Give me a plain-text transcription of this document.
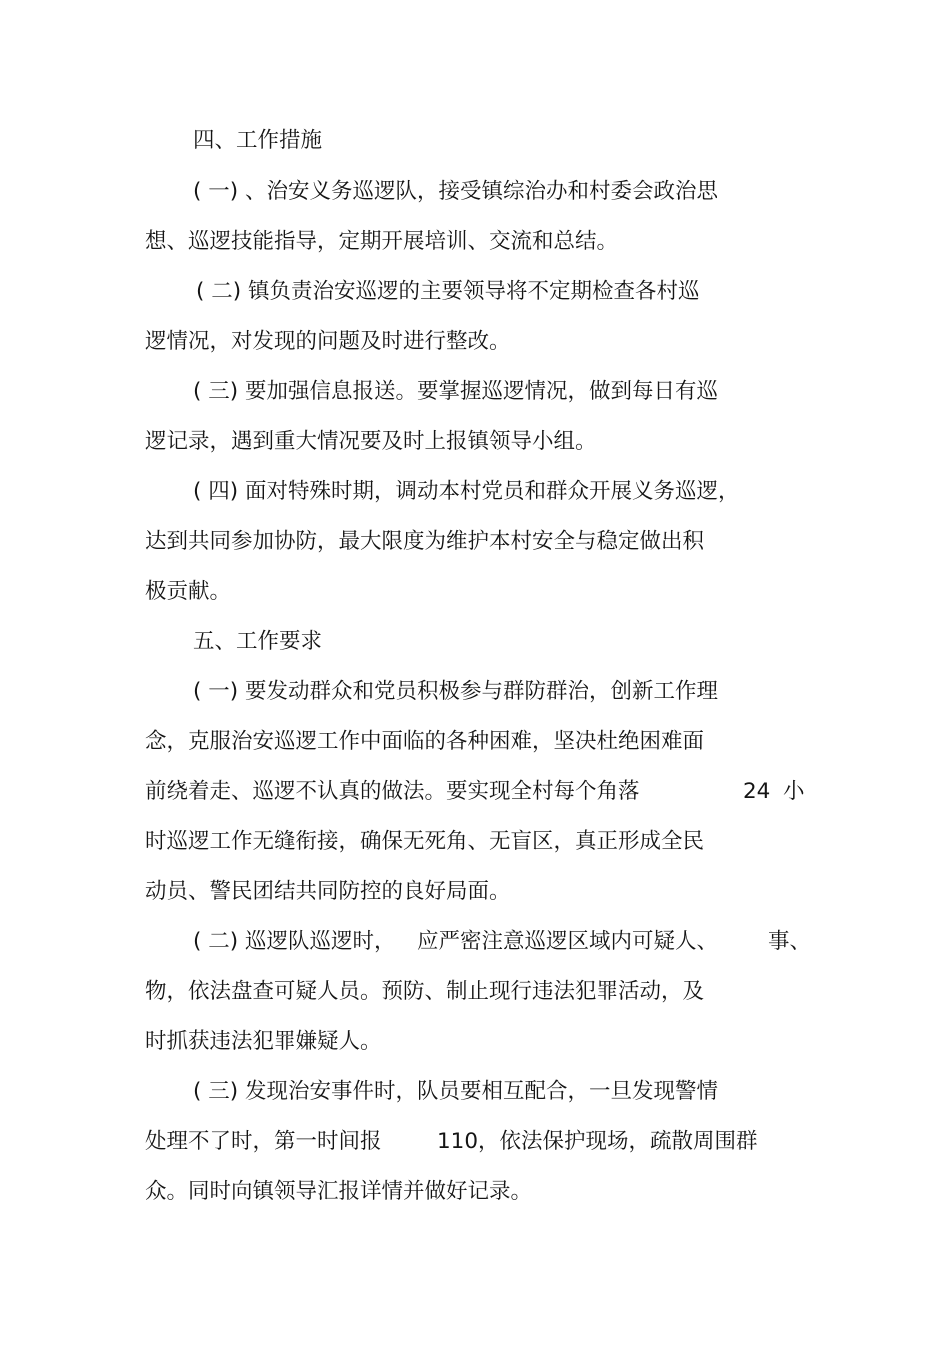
四、工作措施
( 一) 、治安义务巡逻队，接受镇综治办和村委会政治思
想、巡逻技能指导，定期开展培训、交流和总结。
( 二) 镇负责治安巡逻的主要领导将不定期检查各村巡
逻情况，对发现的问题及时进行整改。
( 三) 要加强信息报送。要掌握巡逻情况，做到每日有巡
逻记录，遇到重大情况要及时上报镇领导小组。
( 四) 面对特殊时期，调动本村党员和群众开展义务巡逻，
达到共同参加协防，最大限度为维护本村安全与稳定做出积
极贡献。
五、工作要求
( 一) 要发动群众和党员积极参与群防群治，创新工作理
念，克服治安巡逻工作中面临的各种困难，坚决杜绝困难面
前绕着走、巡逻不认真的做法。要实现全村每个角落	24 小
时巡逻工作无缝衔接，确保无死角、无盲区，真正形成全民
动员、警民团结共同防控的良好局面。
( 二) 巡逻队巡逻时， 应严密注意巡逻区域内可疑人、 事、
物，依法盘查可疑人员。预防、制止现行违法犯罪活动，及
时抓获违法犯罪嫌疑人。
( 三) 发现治安事件时，队员要相互配合，一旦发现警情
处理不了时，第一时间报	110，依法保护现场，疏散周围群
众。同时向镇领导汇报详情并做好记录。
